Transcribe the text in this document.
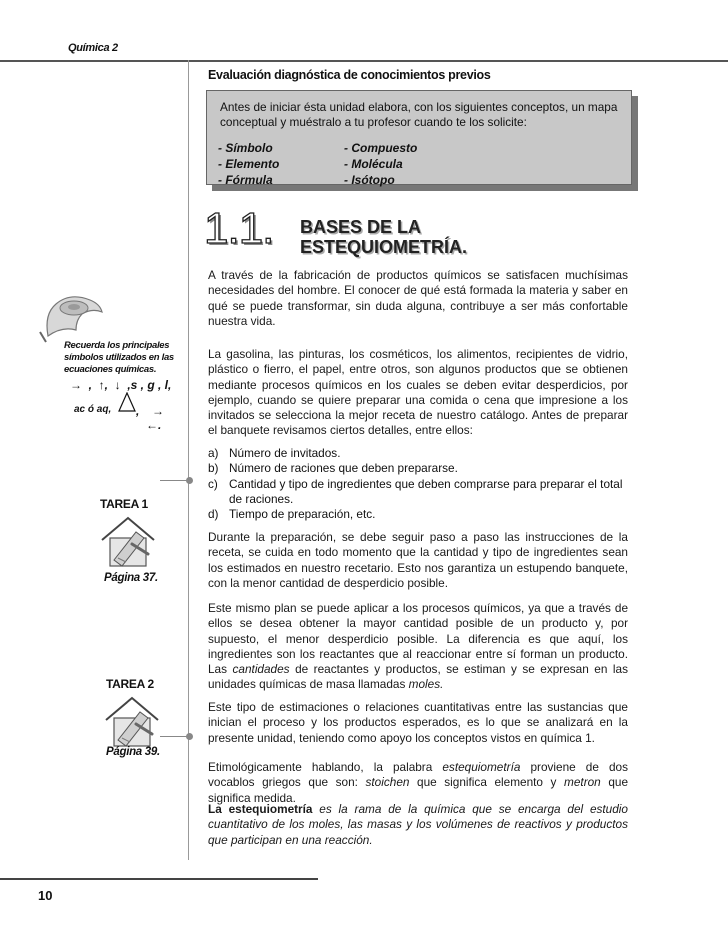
Química 2
Evaluación diagnóstica de conocimientos previos
Antes de iniciar ésta unidad elabora, con los siguientes conceptos, un mapa conceptual y muéstralo a tu profesor cuando te los solicite:
- Símbolo
- Elemento
- Fórmula
- Compuesto
- Molécula
- Isótopo
1.1. BASES DE LA
ESTEQUIOMETRÍA.
A través de la fabricación de productos químicos se satisfacen muchísimas necesidades del hombre. El conocer de qué está formada la materia y saber en qué se puede transformar, sin duda alguna, contribuye a ser más confortable nuestra vida.
La gasolina, las pinturas, los cosméticos, los alimentos, recipientes de vidrio, plástico o fierro, el papel, entre otros, son algunos productos que se obtienen mediante procesos químicos en los cuales se deben evitar desperdicios, por ejemplo, cuando se quiere preparar una comida o cena que impresione a los invitados se selecciona la mejor receta de nuestro catálogo. Antes de preparar el banquete revisamos ciertos detalles, entre ellos:
a) Número de invitados.
b) Número de raciones que deben prepararse.
c) Cantidad y tipo de ingredientes que deben comprarse para preparar el total de raciones.
d) Tiempo de preparación, etc.
Durante la preparación, se debe seguir paso a paso las instrucciones de la receta, se cuida en todo momento que la cantidad y tipo de ingredientes sean los estimados en nuestro recetario. Esto nos garantiza un estupendo banquete, con la menor cantidad de desperdicio posible.
Este mismo plan se puede aplicar a los procesos químicos, ya que a través de ellos se desea obtener la mayor cantidad posible de un producto y, por supuesto, el menor desperdicio posible. La diferencia es que aquí, los ingredientes son los reactantes que al reaccionar entre sí forman un producto. Las cantidades de reactantes y productos, se estiman y se expresan en las unidades químicas de masa llamadas moles.
Este tipo de estimaciones o relaciones cuantitativas entre las sustancias que inician el proceso y los productos esperados, es lo que se analizará en la presente unidad, teniendo como apoyo los conceptos vistos en química 1.
Etimológicamente hablando, la palabra estequiometría proviene de dos vocablos griegos que son: stoichen que significa elemento y metron que significa medida.
La estequiometría es la rama de la química que se encarga del estudio cuantitativo de los moles, las masas y los volúmenes de reactivos y productos que participan en una reacción.
Recuerda los principales símbolos utilizados en las ecuaciones químicas.
→  ,  ↑,  ↓  ,s , g , l,
ac ó aq, , →
←.
TAREA 1
Página 37.
TAREA 2
Página 39.
10
